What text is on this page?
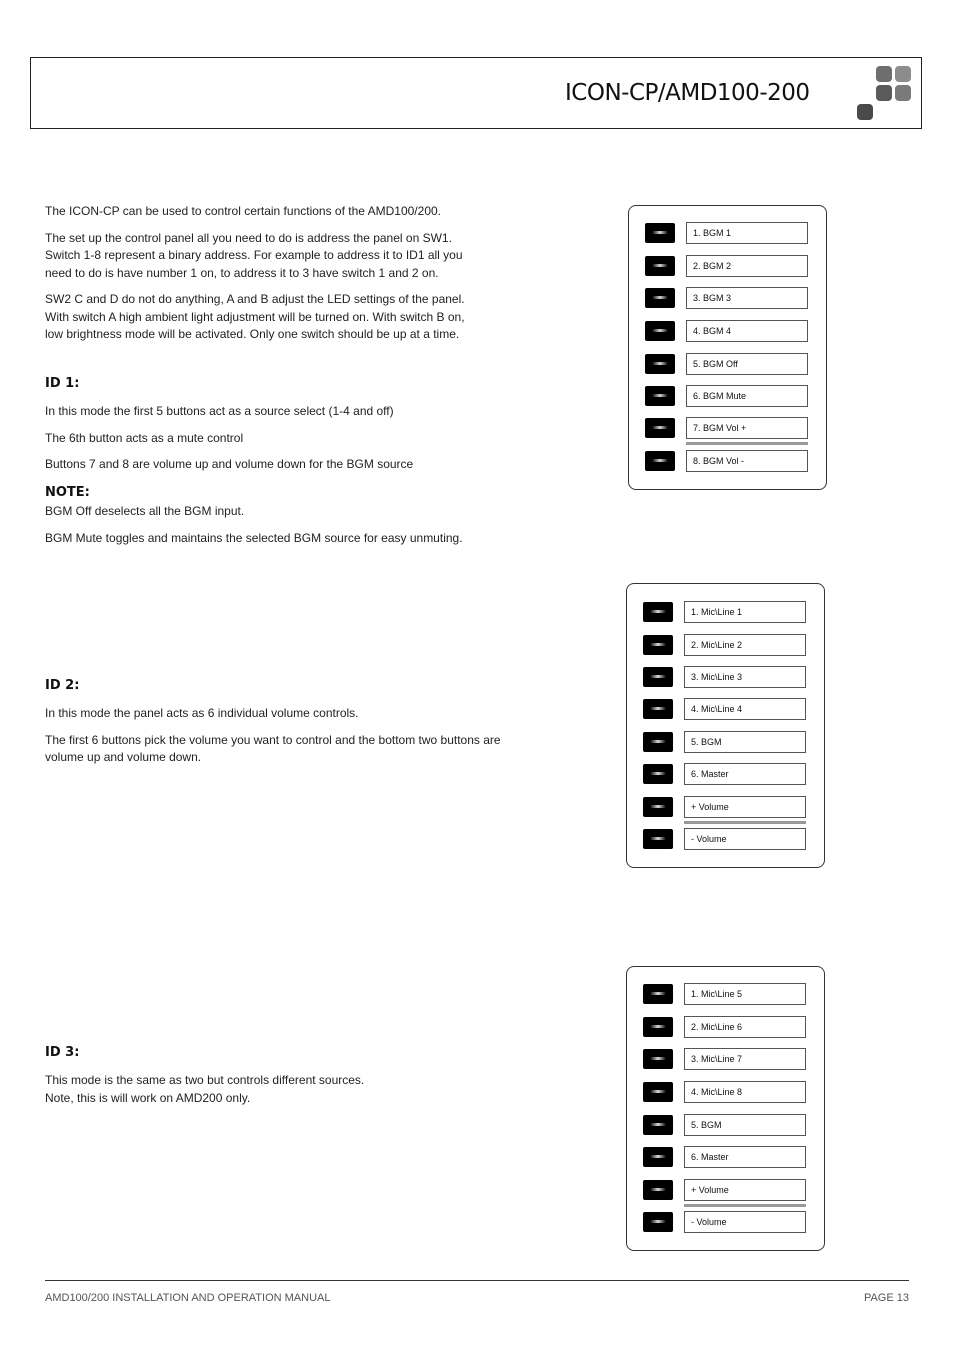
ICON-CP/AMD100-200

The ICON-CP can be used to control certain functions of the AMD100/200.

The set up the control panel all you need to do is address the panel on SW1. Switch 1-8 represent a binary address. For example to address it to ID1 all you need to do is have number 1 on, to address it to 3 have switch 1 and 2 on.

SW2 C and D do not do anything, A and B adjust the LED settings of the panel. With switch A high ambient light adjustment will be turned on. With switch B on, low brightness mode will be activated. Only one switch should be up at a time.

ID 1:

In this mode the first 5 buttons act as a source select (1-4 and off)

The 6th button acts as a mute control

Buttons 7 and 8 are volume up and volume down for the BGM source

NOTE:

BGM Off deselects all the BGM input.

BGM Mute toggles and maintains the selected BGM source for easy unmuting.

ID 2:

In this mode the panel acts as 6 individual volume controls.

The first 6 buttons pick the volume you want to control and the bottom two buttons are volume up and volume down.

ID 3:

This mode is the same as two but controls different sources.

Note, this is will work on AMD200 only.

1. BGM 1
2. BGM 2
3. BGM 3
4. BGM 4
5. BGM Off
6. BGM Mute
7. BGM Vol +
8. BGM Vol -
1. Mic\Line 1
2. Mic\Line 2
3. Mic\Line 3
4. Mic\Line 4
5. BGM
6. Master
+ Volume
- Volume
1. Mic\Line 5
2. Mic\Line 6
3. Mic\Line 7
4. Mic\Line 8
5. BGM
6. Master
+ Volume
- Volume
AMD100/200 INSTALLATION AND OPERATION MANUAL	PAGE 13
